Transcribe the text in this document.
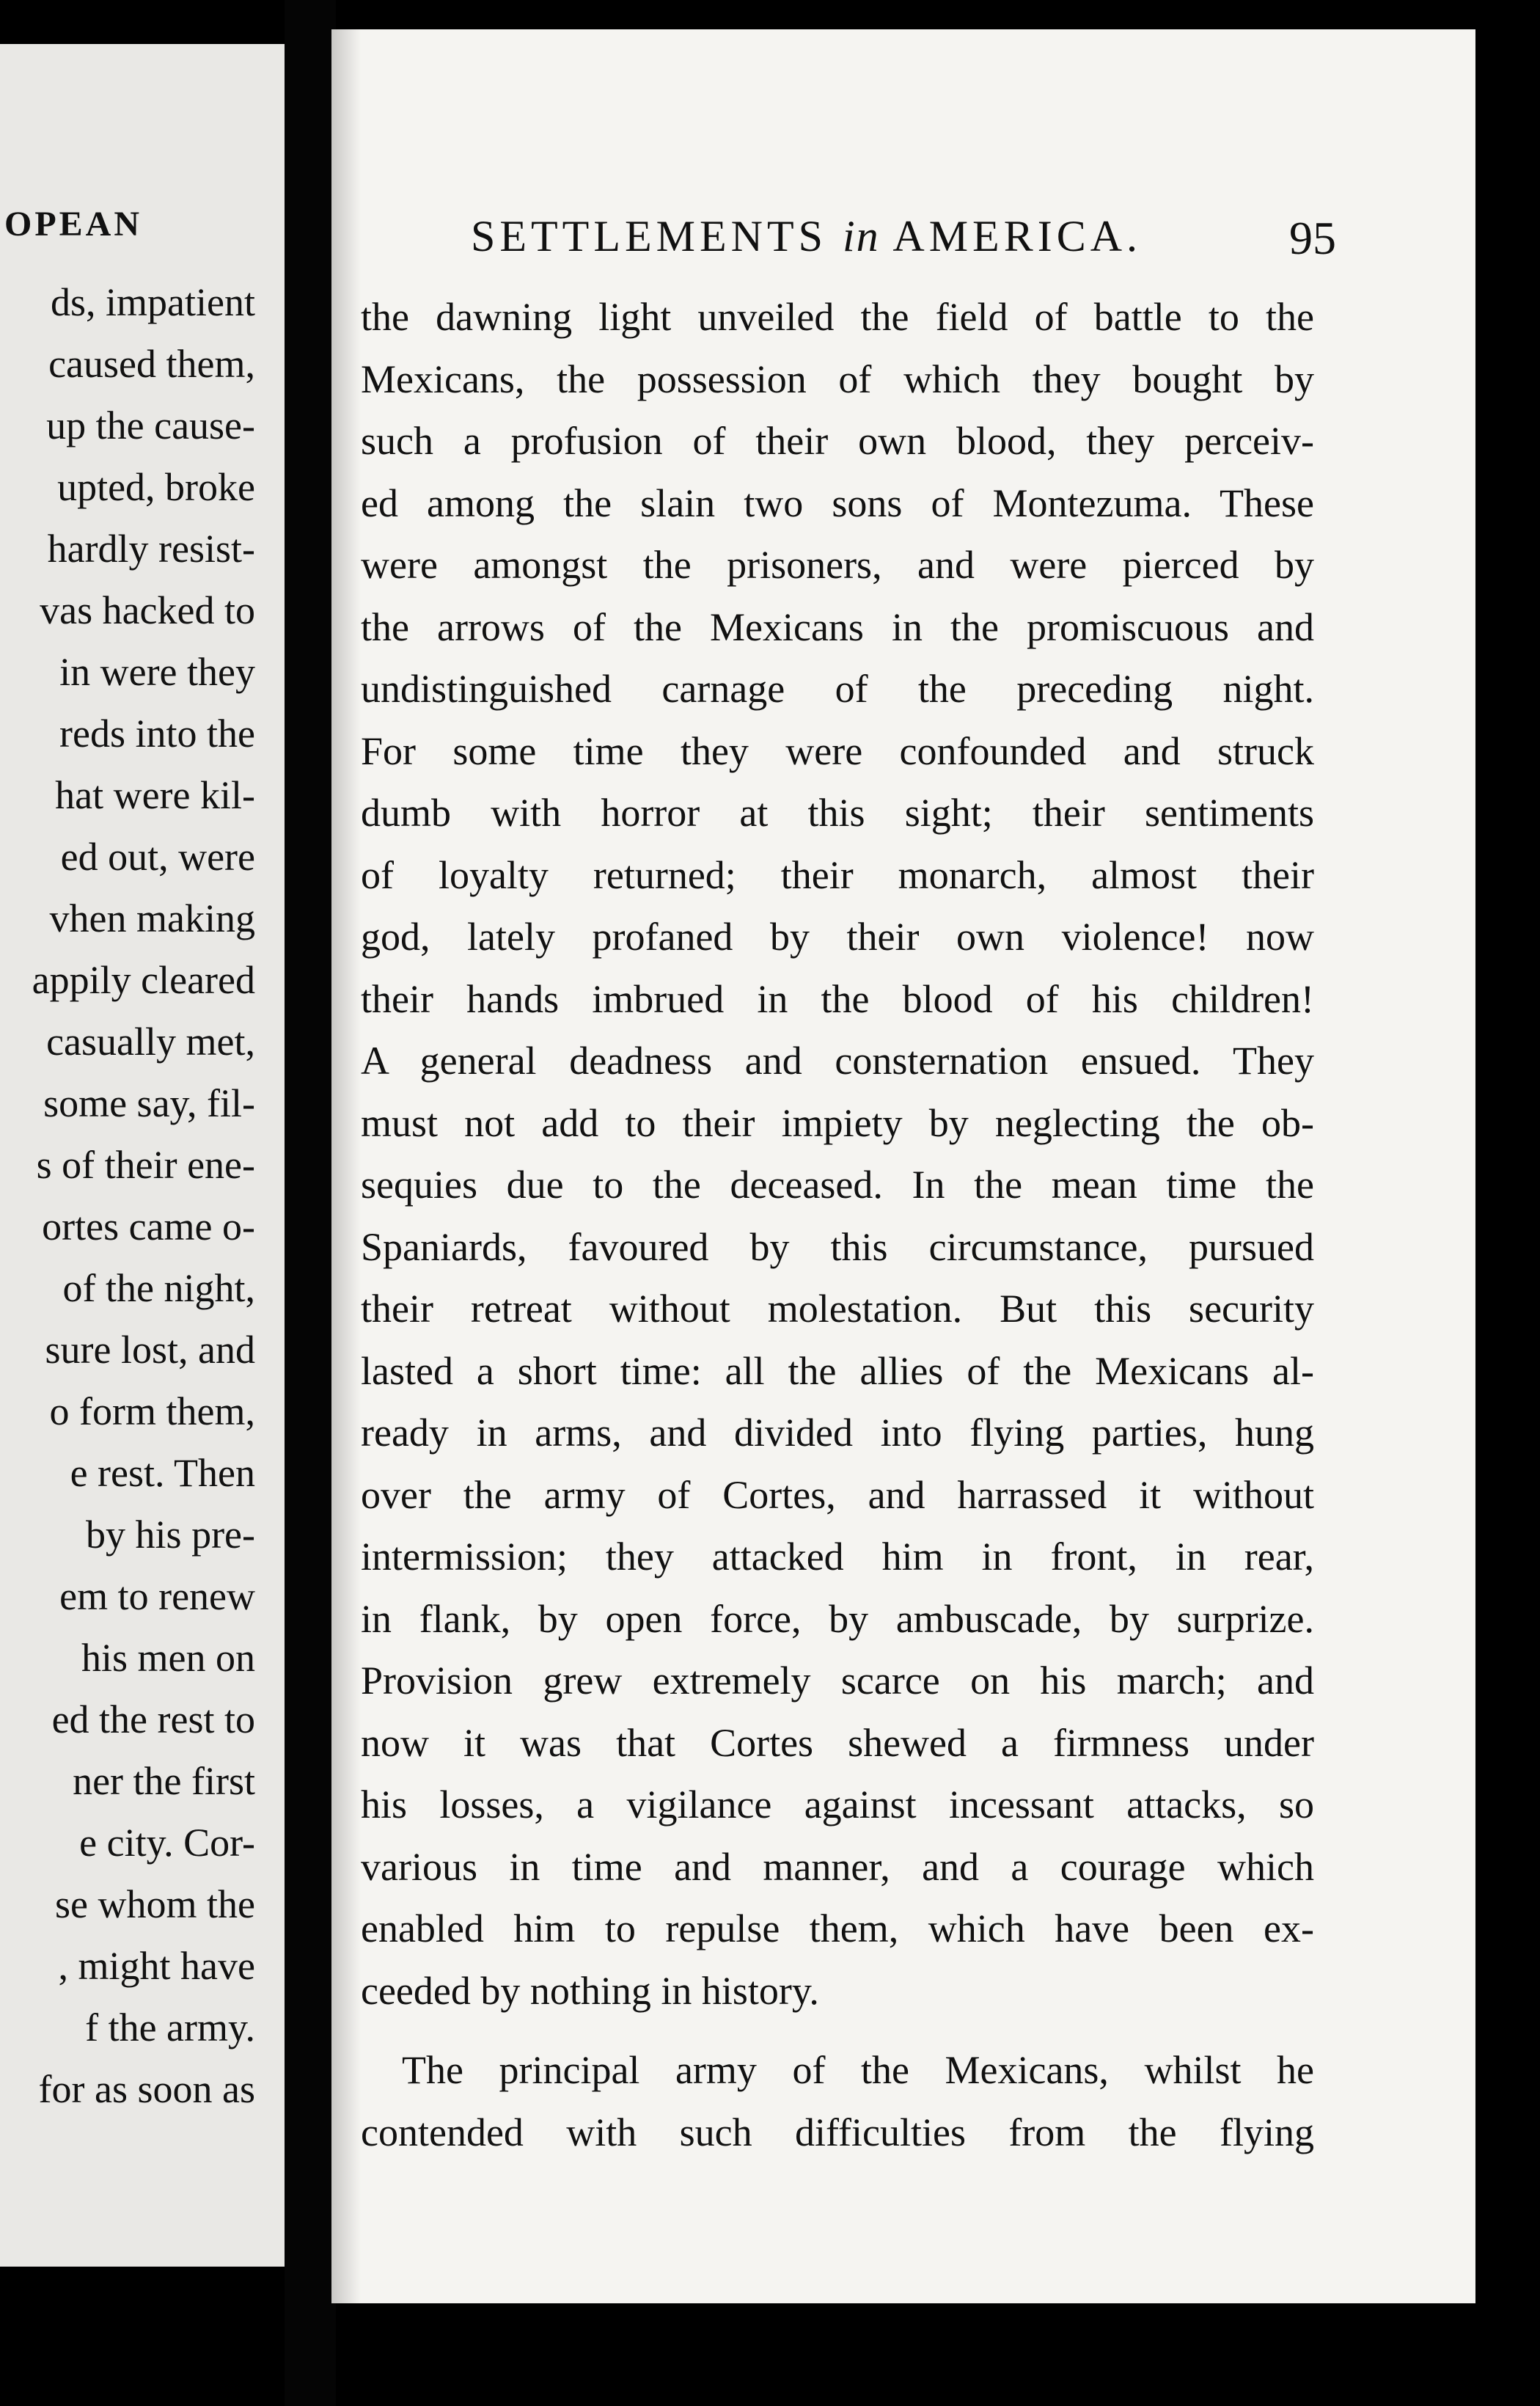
OPEAN
ds, impatient
caused them,
up the cause-
upted, broke
hardly resist-
vas hacked to
in were they
reds into the
hat were kil-
ed out, were
vhen making
appily cleared
casually met,
some say, fil-
s of their ene-
ortes came o-
of the night,
sure lost, and
o form them,
e rest. Then
by his pre-
em to renew
his men on
ed the rest to
ner the first
e city. Cor-
se whom the
, might have
f the army.
for as soon as
SETTLEMENTS in AMERICA.	95
the dawning light unveiled the field of battle to the
Mexicans, the possession of which they bought by
such a profusion of their own blood, they perceiv-
ed among the slain two sons of Montezuma. These
were amongst the prisoners, and were pierced by
the arrows of the Mexicans in the promiscuous and
undistinguished carnage of the preceding night.
For some time they were confounded and struck
dumb with horror at this sight; their sentiments
of loyalty returned; their monarch, almost their
god, lately profaned by their own violence! now
their hands imbrued in the blood of his children!
A general deadness and consternation ensued. They
must not add to their impiety by neglecting the ob-
sequies due to the deceased. In the mean time the
Spaniards, favoured by this circumstance, pursued
their retreat without molestation. But this security
lasted a short time: all the allies of the Mexicans al-
ready in arms, and divided into flying parties, hung
over the army of Cortes, and harrassed it without
intermission; they attacked him in front, in rear,
in flank, by open force, by ambuscade, by surprize.
Provision grew extremely scarce on his march; and
now it was that Cortes shewed a firmness under
his losses, a vigilance against incessant attacks, so
various in time and manner, and a courage which
enabled him to repulse them, which have been ex-
ceeded by nothing in history.
The principal army of the Mexicans, whilst he
contended with such difficulties from the flying
